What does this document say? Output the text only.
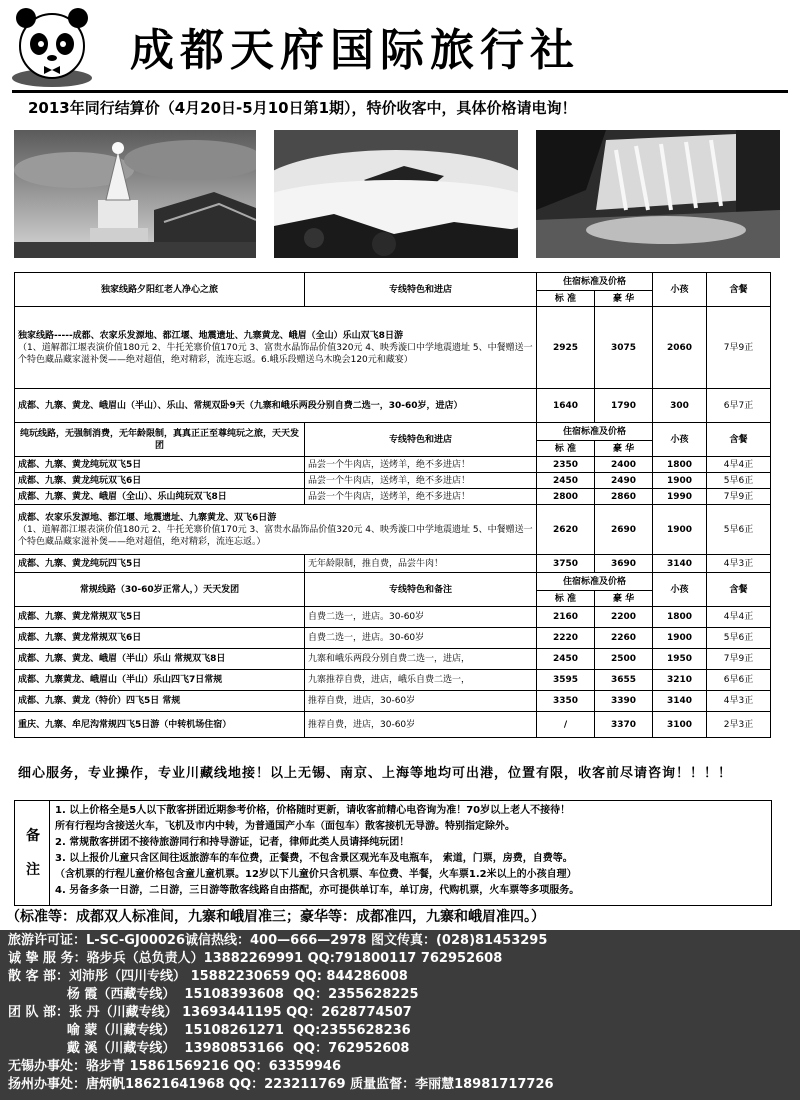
成都天府国际旅行社
2013年同行结算价（4月20日-5月10日第1期），特价收客中，具体价格请电询！
独家线路夕阳红老人净心之旅	专线特色和进店	住宿标准及价格		小孩	含餐
		标 准	豪 华		
独家线路-----成都、农家乐发源地、都江堰、地震遗址、九寨黄龙、峨眉（全山）乐山双飞8日游
（1、道解都江堰表演价值180元 2、牛托羌寨价值170元 3、富贵水晶饰品价值320元 4、映秀漩口中学地震遗址 5、中餐赠送一个特色藏品藏家滋补煲——绝对超值，绝对精彩，流连忘返。6.峨乐段赠送乌木晚会120元和藏宴）		2925	3075	2060	7早9正
成都、九寨、黄龙、峨眉山（半山）、乐山、常规双卧9天（九寨和峨乐两段分别自费二选一，30-60岁，进店）		1640	1790	300	6早7正
纯玩线路，无强制消费，无年龄限制，真真正正至尊纯玩之旅，天天发团	专线特色和进店	住宿标准及价格		小孩	含餐
		标 准	豪 华		
成都、九寨、黄龙纯玩双飞5日	品尝一个牛肉店，送烤羊，绝不多进店！	2350	2400	1800	4早4正
成都、九寨、黄龙纯玩双飞6日	品尝一个牛肉店，送烤羊，绝不多进店！	2450	2490	1900	5早6正
成都、九寨、黄龙、峨眉（全山）、乐山纯玩双飞8日	品尝一个牛肉店，送烤羊，绝不多进店！	2800	2860	1990	7早9正
成都、农家乐发源地、都江堰、地震遗址、九寨黄龙、双飞6日游
（1、道解都江堰表演价值180元 2、牛托羌寨价值170元 3、富贵水晶饰品价值320元 4、映秀漩口中学地震遗址 5、中餐赠送一个特色藏品藏家滋补煲——绝对超值，绝对精彩，流连忘返。）		2620	2690	1900	5早6正
成都、九寨、黄龙纯玩四飞5日	无年龄限制，推自费，品尝牛肉！	3750	3690	3140	4早3正
常规线路（30-60岁正常人，）天天发团	专线特色和备注	住宿标准及价格		小孩	含餐
		标 准	豪 华		
成都、九寨、黄龙常规双飞5日	自费二选一，进店。30-60岁	2160	2200	1800	4早4正
成都、九寨、黄龙常规双飞6日	自费二选一，进店。30-60岁	2220	2260	1900	5早6正
成都、九寨、黄龙、峨眉（半山）乐山 常规双飞8日	九寨和峨乐两段分别自费二选一，进店，	2450	2500	1950	7早9正
成都、九寨黄龙、峨眉山（半山）乐山四飞7日常规	九寨推荐自费，进店，峨乐自费二选一，	3595	3655	3210	6早6正
成都、九寨、黄龙（特价）四飞5日 常规	推荐自费，进店，30-60岁	3350	3390	3140	4早3正
重庆、九寨、牟尼沟常规四飞5日游（中转机场住宿）	推荐自费，进店，30-60岁	/	3370	3100	2早3正
细心服务，专业操作，专业川藏线地接！以上无锡、南京、上海等地均可出港，位置有限，收客前尽请咨询！！！！
备
注
1. 以上价格全是5人以下散客拼团近期参考价格，价格随时更新，请收客前精心电咨询为准！70岁以上老人不接待！
所有行程均含接送火车，飞机及市内中转，为普通国产小车（面包车）散客接机无导游。特别指定除外。
2. 常规散客拼团不接待旅游同行和持导游证，记者，律师此类人员请择纯玩团！
3. 以上报价儿童只含区间往返旅游车的车位费，正餐费，不包含景区观光车及电瓶车， 索道，门票，房费，自费等。
（含机票的行程儿童价格包含童儿童机票。12岁以下儿童价只含机票、车位费、半餐，火车票1.2米以上的小孩自理）
4. 另备多条一日游，二日游，三日游等散客线路自由搭配，亦可提供单订车，单订房，代购机票，火车票等多项服务。
（标准等：成都双人标准间，九寨和峨眉准三；豪华等：成都准四，九寨和峨眉准四。）
旅游许可证：L-SC-GJ00026诚信热线：400—666—2978 图文传真：(028)81453295
诚 挚 服 务：骆步兵（总负责人）13882269991 QQ:791800117 762952608
散 客 部：刘沛彤（四川专线） 15882230659 QQ: 844286008
杨 霞（西藏专线）  15108393608  QQ：2355628225
团 队 部：张 丹（川藏专线） 13693441195 QQ：2628774507
喻 蒙（川藏专线）  15108261271  QQ:2355628236
戴 溪（川藏专线）  13980853166  QQ：762952608
无锡办事处：骆步青 15861569216 QQ：63359946
扬州办事处：唐炳帆18621641968 QQ：223211769 质量监督：李丽慧18981717726
